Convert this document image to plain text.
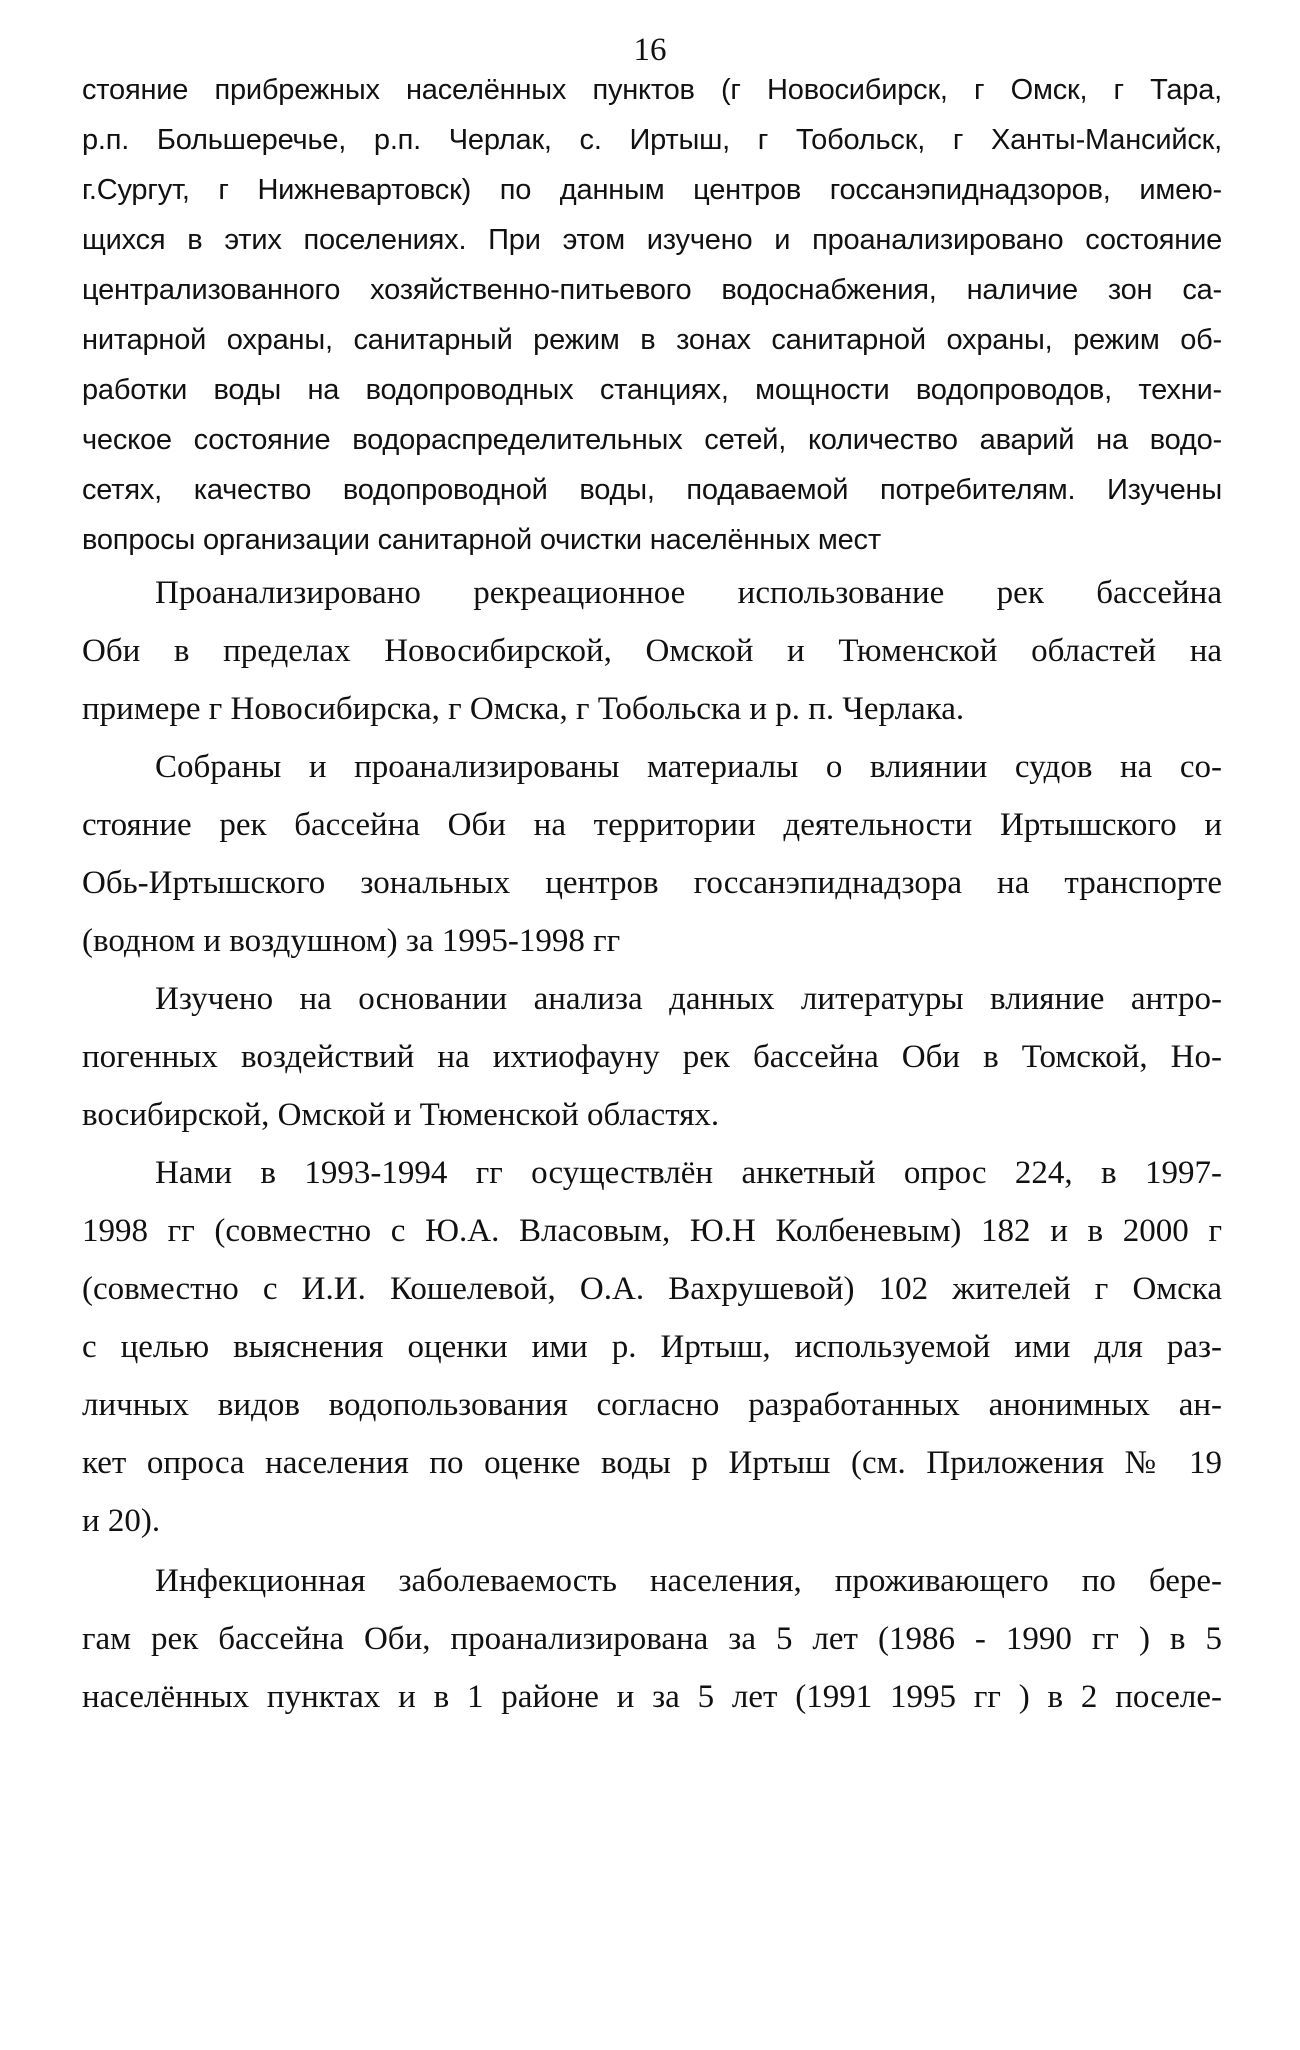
16
стояние прибрежных населённых пунктов (г Новосибирск, г Омск, г Тара,
р.п. Большеречье, р.п. Черлак, с. Иртыш, г Тобольск, г Ханты-Мансийск,
г.Сургут, г Нижневартовск) по данным центров госсанэпиднадзоров, имею-
щихся в этих поселениях. При этом изучено и проанализировано состояние
централизованного хозяйственно-питьевого водоснабжения, наличие зон са-
нитарной охраны, санитарный режим в зонах санитарной охраны, режим об-
работки воды на водопроводных станциях, мощности водопроводов, техни-
ческое состояние водораспределительных сетей, количество аварий на водо-
сетях, качество водопроводной воды, подаваемой потребителям. Изучены
вопросы организации санитарной очистки населённых мест
Проанализировано рекреационное использование рек бассейна
Оби в пределах Новосибирской, Омской и Тюменской областей на
примере г Новосибирска, г Омска, г Тобольска и р. п. Черлака.
Собраны и проанализированы материалы о влиянии судов на со-
стояние рек бассейна Оби на территории деятельности Иртышского и
Обь-Иртышского зональных центров госсанэпиднадзора на транспорте
(водном и воздушном) за 1995-1998 гг
Изучено на основании анализа данных литературы влияние антро-
погенных воздействий на ихтиофауну рек бассейна Оби в Томской, Но-
восибирской, Омской и Тюменской областях.
Нами в 1993-1994 гг осуществлён анкетный опрос 224, в 1997-
1998 гг (совместно с Ю.А. Власовым, Ю.Н Колбеневым) 182 и в 2000 г
(совместно с И.И. Кошелевой, О.А. Вахрушевой) 102 жителей г Омска
с целью выяснения оценки ими р. Иртыш, используемой ими для раз-
личных видов водопользования согласно разработанных анонимных ан-
кет опроса населения по оценке воды р Иртыш (см. Приложения № 19
и 20).
Инфекционная заболеваемость населения, проживающего по бере-
гам рек бассейна Оби, проанализирована за 5 лет (1986 - 1990 гг ) в 5
населённых пунктах и в 1 районе и за 5 лет (1991 1995 гг ) в 2 поселе-
